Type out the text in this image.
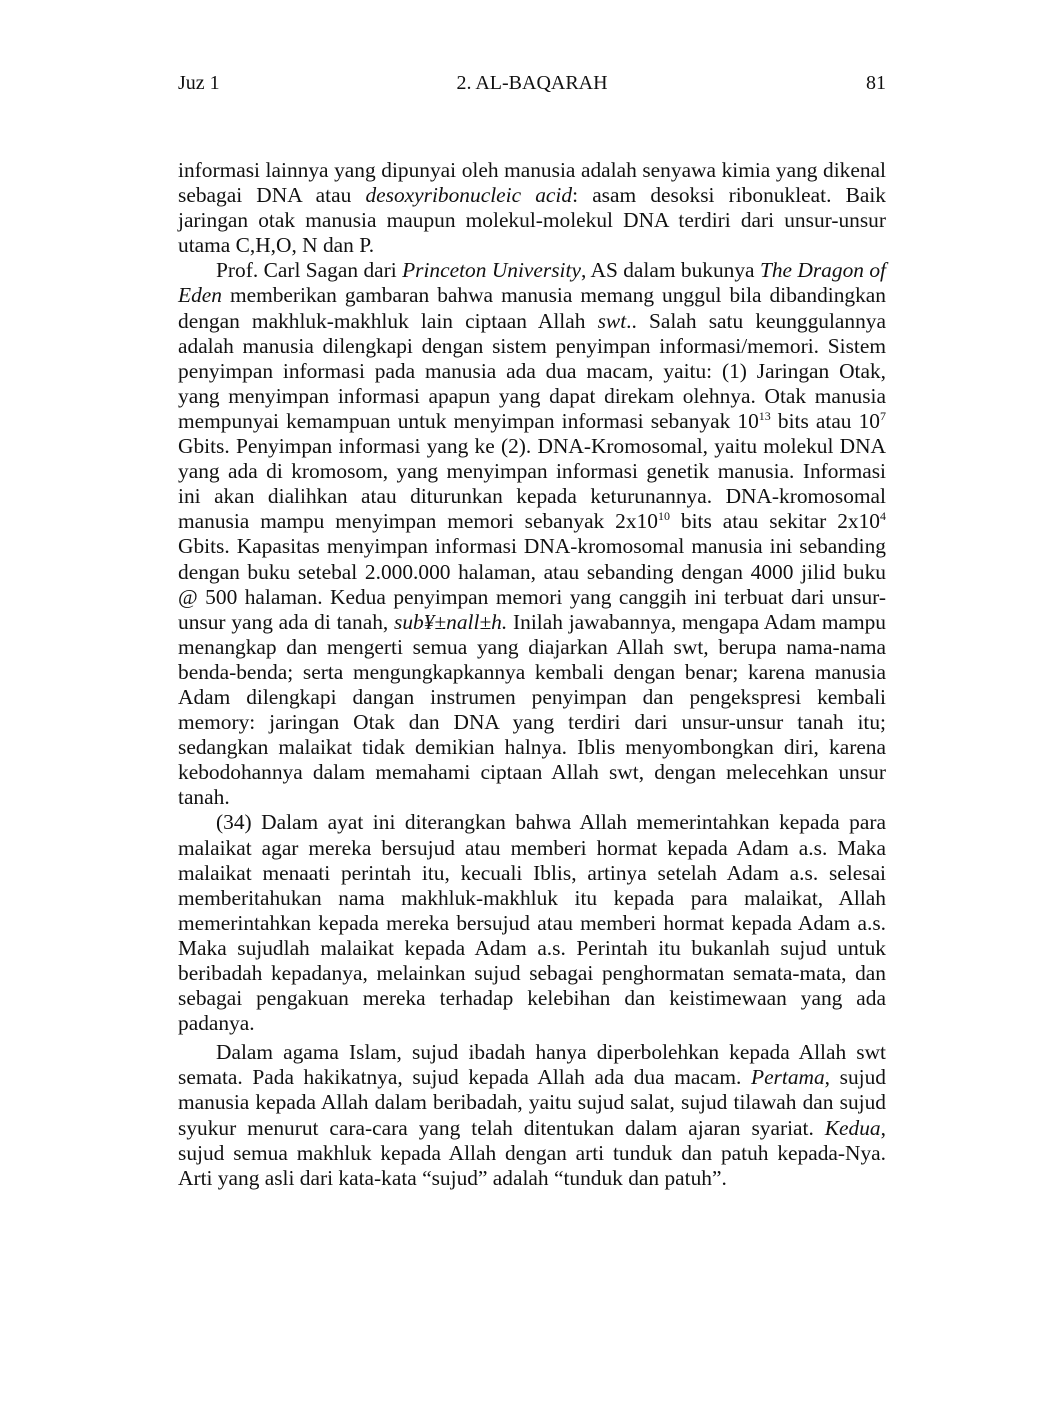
Juz 1	2. AL-BAQARAH	81

informasi lainnya yang dipunyai oleh manusia adalah senyawa kimia yang dikenal sebagai DNA atau desoxyribonucleic acid: asam desoksi ribonukleat. Baik jaringan otak manusia maupun molekul-molekul DNA terdiri dari unsur-unsur utama C,H,O, N dan P.

Prof. Carl Sagan dari Princeton University, AS dalam bukunya The Dragon of Eden memberikan gambaran bahwa manusia memang unggul bila dibandingkan dengan makhluk-makhluk lain ciptaan Allah swt.. Salah satu keunggulannya adalah manusia dilengkapi dengan sistem penyimpan informasi/memori. Sistem penyimpan informasi pada manusia ada dua macam, yaitu: (1) Jaringan Otak, yang menyimpan informasi apapun yang dapat direkam olehnya. Otak manusia mempunyai kemampuan untuk menyimpan informasi sebanyak $10^{13}$ bits atau $10^7$ Gbits. Penyimpan informasi yang ke (2). DNA-Kromosomal, yaitu molekul DNA yang ada di kromosom, yang menyimpan informasi genetik manusia. Informasi ini akan dialihkan atau diturunkan kepada keturunannya. DNA-kromosomal manusia mampu menyimpan memori sebanyak $2x10^{10}$ bits atau sekitar $2x10^4$ Gbits. Kapasitas menyimpan informasi DNA-kromosomal manusia ini sebanding dengan buku setebal 2.000.000 halaman, atau sebanding dengan 4000 jilid buku @ 500 halaman. Kedua penyimpan memori yang canggih ini terbuat dari unsur-unsur yang ada di tanah, sub¥±nall±h. Inilah jawabannya, mengapa Adam mampu menangkap dan mengerti semua yang diajarkan Allah swt, berupa nama-nama benda-benda; serta mengungkapkannya kembali dengan benar; karena manusia Adam dilengkapi dangan instrumen penyimpan dan pengekspresi kembali memory: jaringan Otak dan DNA yang terdiri dari unsur-unsur tanah itu; sedangkan malaikat tidak demikian halnya. Iblis menyombongkan diri, karena kebodohannya dalam memahami ciptaan Allah swt, dengan melecehkan unsur tanah.

(34) Dalam ayat ini diterangkan bahwa Allah memerintahkan kepada para malaikat agar mereka bersujud atau memberi hormat kepada Adam a.s. Maka malaikat menaati perintah itu, kecuali Iblis, artinya setelah Adam a.s. selesai memberitahukan nama makhluk-makhluk itu kepada para malaikat, Allah memerintahkan kepada mereka bersujud atau memberi hormat kepada Adam a.s. Maka sujudlah malaikat kepada Adam a.s. Perintah itu bukanlah sujud untuk beribadah kepadanya, melainkan sujud sebagai penghormatan semata-mata, dan sebagai pengakuan mereka terhadap kelebihan dan keistimewaan yang ada padanya.

Dalam agama Islam, sujud ibadah hanya diperbolehkan kepada Allah swt semata. Pada hakikatnya, sujud kepada Allah ada dua macam. Pertama, sujud manusia kepada Allah dalam beribadah, yaitu sujud salat, sujud tilawah dan sujud syukur menurut cara-cara yang telah ditentukan dalam ajaran syariat. Kedua, sujud semua makhluk kepada Allah dengan arti tunduk dan patuh kepada-Nya. Arti yang asli dari kata-kata “sujud” adalah “tunduk dan patuh”.
